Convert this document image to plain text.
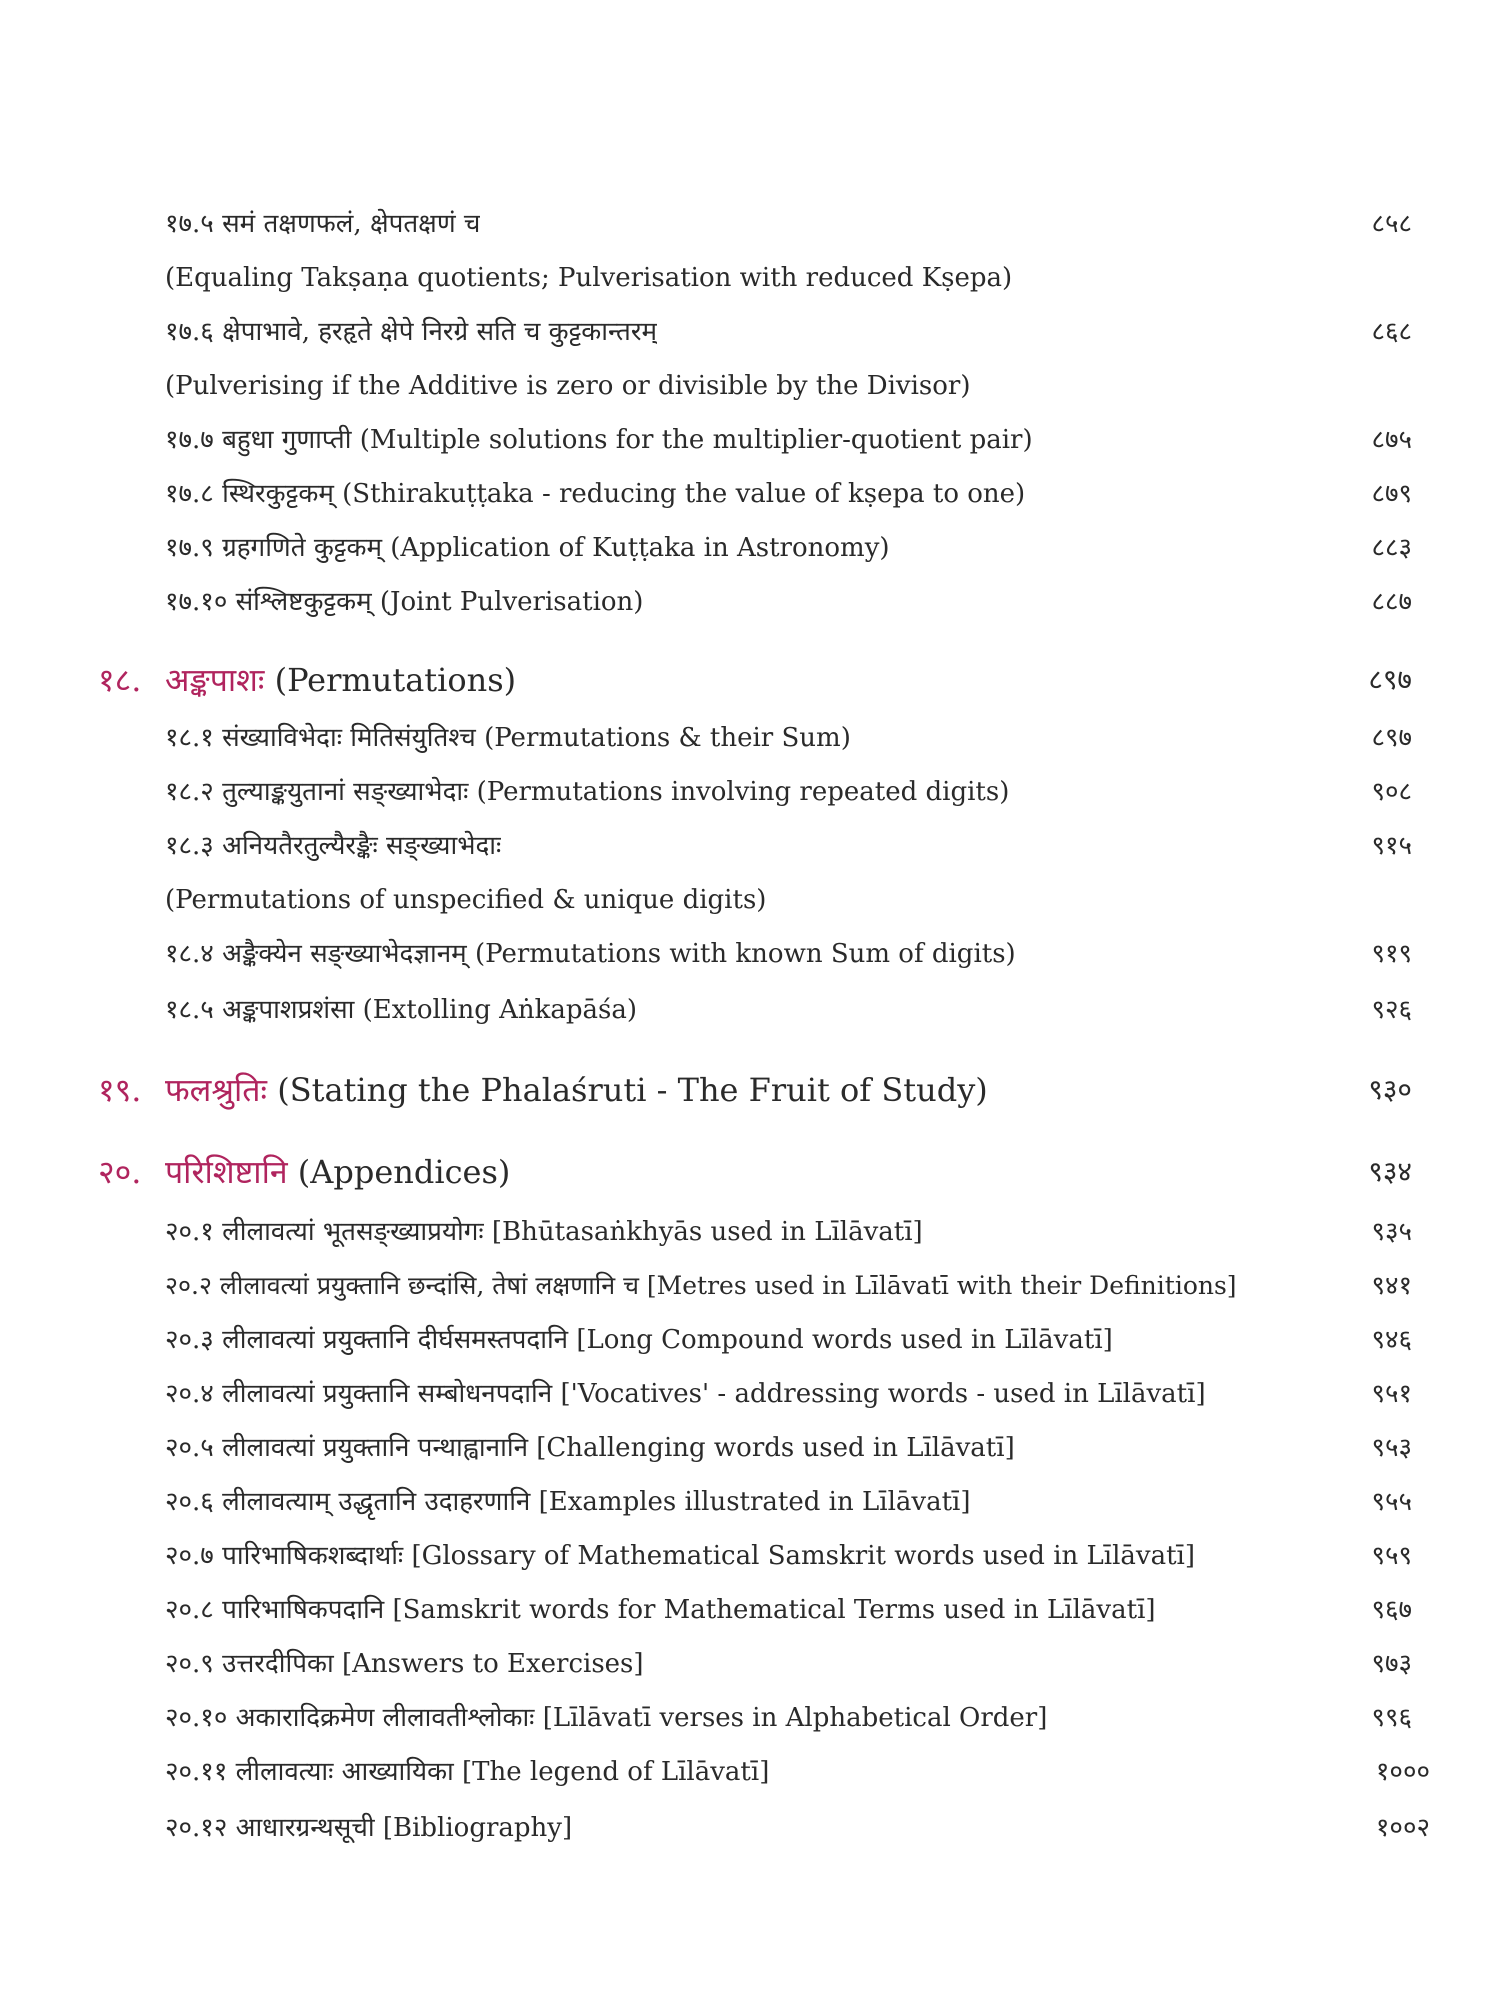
१७.५ समं तक्षणफलं, क्षेपतक्षणं च	८५८
(Equaling Takṣaṇa quotients; Pulverisation with reduced Kṣepa)
१७.६ क्षेपाभावे, हरहृते क्षेपे निरग्रे सति च कुट्टकान्तरम्	८६८
(Pulverising if the Additive is zero or divisible by the Divisor)
१७.७ बहुधा गुणाप्ती (Multiple solutions for the multiplier-quotient pair)	८७५
१७.८ स्थिरकुट्टकम् (Sthirakuṭṭaka - reducing the value of kṣepa to one)	८७९
१७.९ ग्रहगणिते कुट्टकम् (Application of Kuṭṭaka in Astronomy)	८८३
१७.१० संश्लिष्टकुट्टकम् (Joint Pulverisation)	८८७
१८. अङ्कपाशः (Permutations)	८९७
१८.१ संख्याविभेदाः मितिसंयुतिश्च (Permutations & their Sum)	८९७
१८.२ तुल्याङ्कयुतानां सङ्ख्याभेदाः (Permutations involving repeated digits)	९०८
१८.३ अनियतैरतुल्यैरङ्कैः सङ्ख्याभेदाः	९१५
(Permutations of unspecified & unique digits)
१८.४ अङ्कैक्येन सङ्ख्याभेदज्ञानम् (Permutations with known Sum of digits)	९१९
१८.५ अङ्कपाशप्रशंसा (Extolling Aṅkapāśa)	९२६
१९. फलश्रुतिः (Stating the Phalaśruti - The Fruit of Study)	९३०
२०. परिशिष्टानि (Appendices)	९३४
२०.१ लीलावत्यां भूतसङ्ख्याप्रयोगः [Bhūtasaṅkhyās used in Līlāvatī]	९३५
२०.२ लीलावत्यां प्रयुक्तानि छन्दांसि, तेषां लक्षणानि च [Metres used in Līlāvatī with their Definitions]	९४१
२०.३ लीलावत्यां प्रयुक्तानि दीर्घसमस्तपदानि [Long Compound words used in Līlāvatī]	९४६
२०.४ लीलावत्यां प्रयुक्तानि सम्बोधनपदानि ['Vocatives' - addressing words - used in Līlāvatī]	९५१
२०.५ लीलावत्यां प्रयुक्तानि पन्थाह्वानानि [Challenging words used in Līlāvatī]	९५३
२०.६ लीलावत्याम् उद्धृतानि उदाहरणानि [Examples illustrated in Līlāvatī]	९५५
२०.७ पारिभाषिकशब्दार्थाः [Glossary of Mathematical Samskrit words used in Līlāvatī]	९५९
२०.८ पारिभाषिकपदानि [Samskrit words for Mathematical Terms used in Līlāvatī]	९६७
२०.९ उत्तरदीपिका [Answers to Exercises]	९७३
२०.१० अकारादिक्रमेण लीलावतीश्लोकाः [Līlāvatī verses in Alphabetical Order]	९९६
२०.११ लीलावत्याः आख्यायिका [The legend of Līlāvatī]	१०००
२०.१२ आधारग्रन्थसूची [Bibliography]	१००२
